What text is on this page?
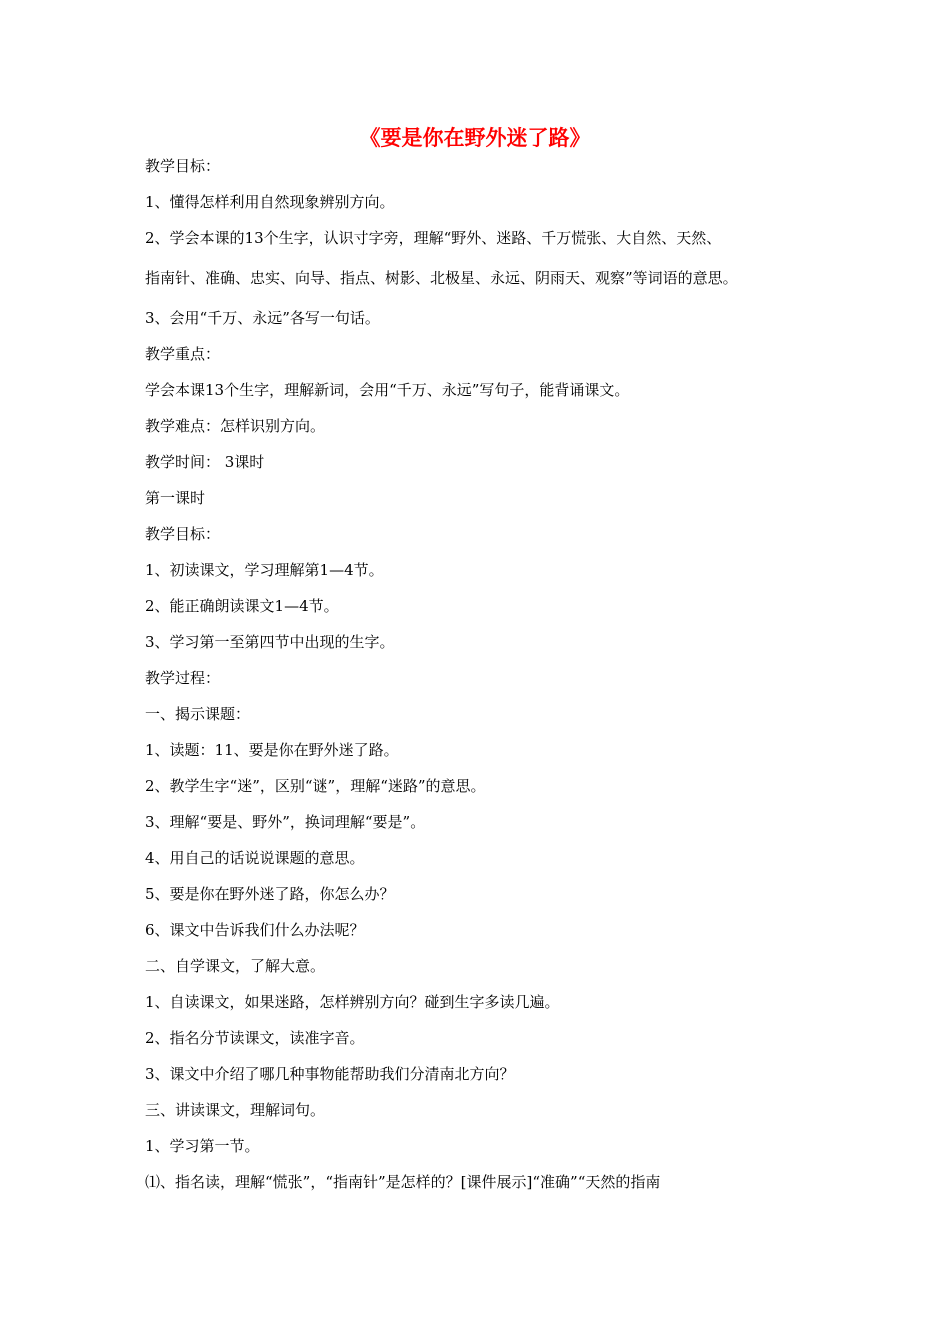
《要是你在野外迷了路》
教学目标：
1、懂得怎样利用自然现象辨别方向。
2、学会本课的13个生字，认识寸字旁，理解“野外、迷路、千万慌张、大自然、天然、
指南针、准确、忠实、向导、指点、树影、北极星、永远、阴雨天、观察”等词语的意思。
3、会用“千万、永远”各写一句话。
教学重点：
学会本课13个生字，理解新词，会用“千万、永远”写句子，能背诵课文。
教学难点：怎样识别方向。
教学时间： 3课时
第一课时
教学目标：
1、初读课文，学习理解第1—4节。
2、能正确朗读课文1—4节。
3、学习第一至第四节中出现的生字。
教学过程：
一、揭示课题：
1、读题：11、要是你在野外迷了路。
2、教学生字“迷”，区别“谜”，理解“迷路”的意思。
3、理解“要是、野外”，换词理解“要是”。
4、用自己的话说说课题的意思。
5、要是你在野外迷了路，你怎么办？
6、课文中告诉我们什么办法呢？
二、自学课文，了解大意。
1、自读课文，如果迷路，怎样辨别方向？碰到生字多读几遍。
2、指名分节读课文，读准字音。
3、课文中介绍了哪几种事物能帮助我们分清南北方向？
三、讲读课文，理解词句。
1、学习第一节。
⑴、指名读，理解“慌张”，“指南针”是怎样的？[课件展示]“准确”“天然的指南
